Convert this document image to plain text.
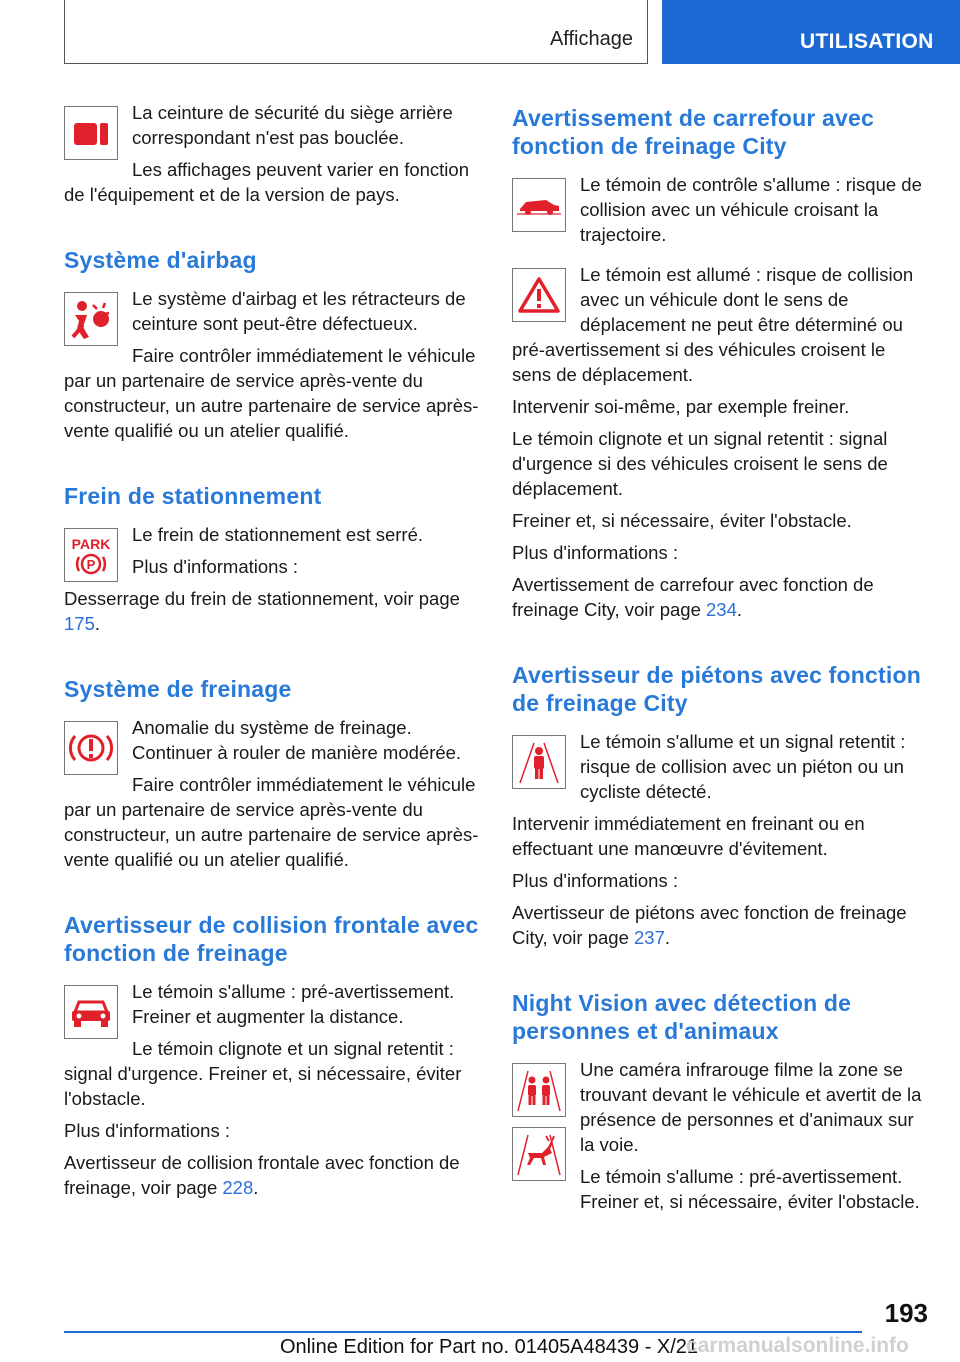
Affichage	UTILISATION

La ceinture de sécurité du siège arrière correspondant n'est pas bouclée.

Les affichages peuvent varier en fonction de l'équipement et de la version de pays.

Système d'airbag

Le système d'airbag et les rétracteurs de ceinture sont peut-être défectueux.

Faire contrôler immédiatement le véhicule par un partenaire de service après-vente du constructeur, un autre partenaire de service après-vente qualifié ou un atelier qualifié.

Frein de stationnement
PARK
P

Le frein de stationnement est serré.

Plus d'informations :

Desserrage du frein de stationnement, voir page 175.

Système de freinage

Anomalie du système de freinage. Continuer à rouler de manière modérée.

Faire contrôler immédiatement le véhicule par un partenaire de service après-vente du constructeur, un autre partenaire de service après-vente qualifié ou un atelier qualifié.

Avertisseur de collision frontale avec fonction de freinage

Le témoin s'allume : pré-avertissement. Freiner et augmenter la distance.

Le témoin clignote et un signal retentit : signal d'urgence. Freiner et, si nécessaire, éviter l'obstacle.

Plus d'informations :

Avertisseur de collision frontale avec fonction de freinage, voir page 228.

Avertissement de carrefour avec fonction de freinage City

Le témoin de contrôle s'allume : risque de collision avec un véhicule croisant la trajectoire.

Le témoin est allumé : risque de collision avec un véhicule dont le sens de déplacement ne peut être déterminé ou pré-avertissement si des véhicules croisent le sens de déplacement.

Intervenir soi-même, par exemple freiner.

Le témoin clignote et un signal retentit : signal d'urgence si des véhicules croisent le sens de déplacement.

Freiner et, si nécessaire, éviter l'obstacle.

Plus d'informations :

Avertissement de carrefour avec fonction de freinage City, voir page 234.

Avertisseur de piétons avec fonction de freinage City

Le témoin s'allume et un signal retentit : risque de collision avec un piéton ou un cycliste détecté.

Intervenir immédiatement en freinant ou en effectuant une manœuvre d'évitement.

Plus d'informations :

Avertisseur de piétons avec fonction de freinage City, voir page 237.

Night Vision avec détection de personnes et d'animaux

Une caméra infrarouge filme la zone se trouvant devant le véhicule et avertit de la présence de personnes et d'animaux sur la voie.

Le témoin s'allume : pré-avertissement. Freiner et, si nécessaire, éviter l'obstacle.

193
Online Edition for Part no. 01405A48439 - X/21
carmanualsonline.info
